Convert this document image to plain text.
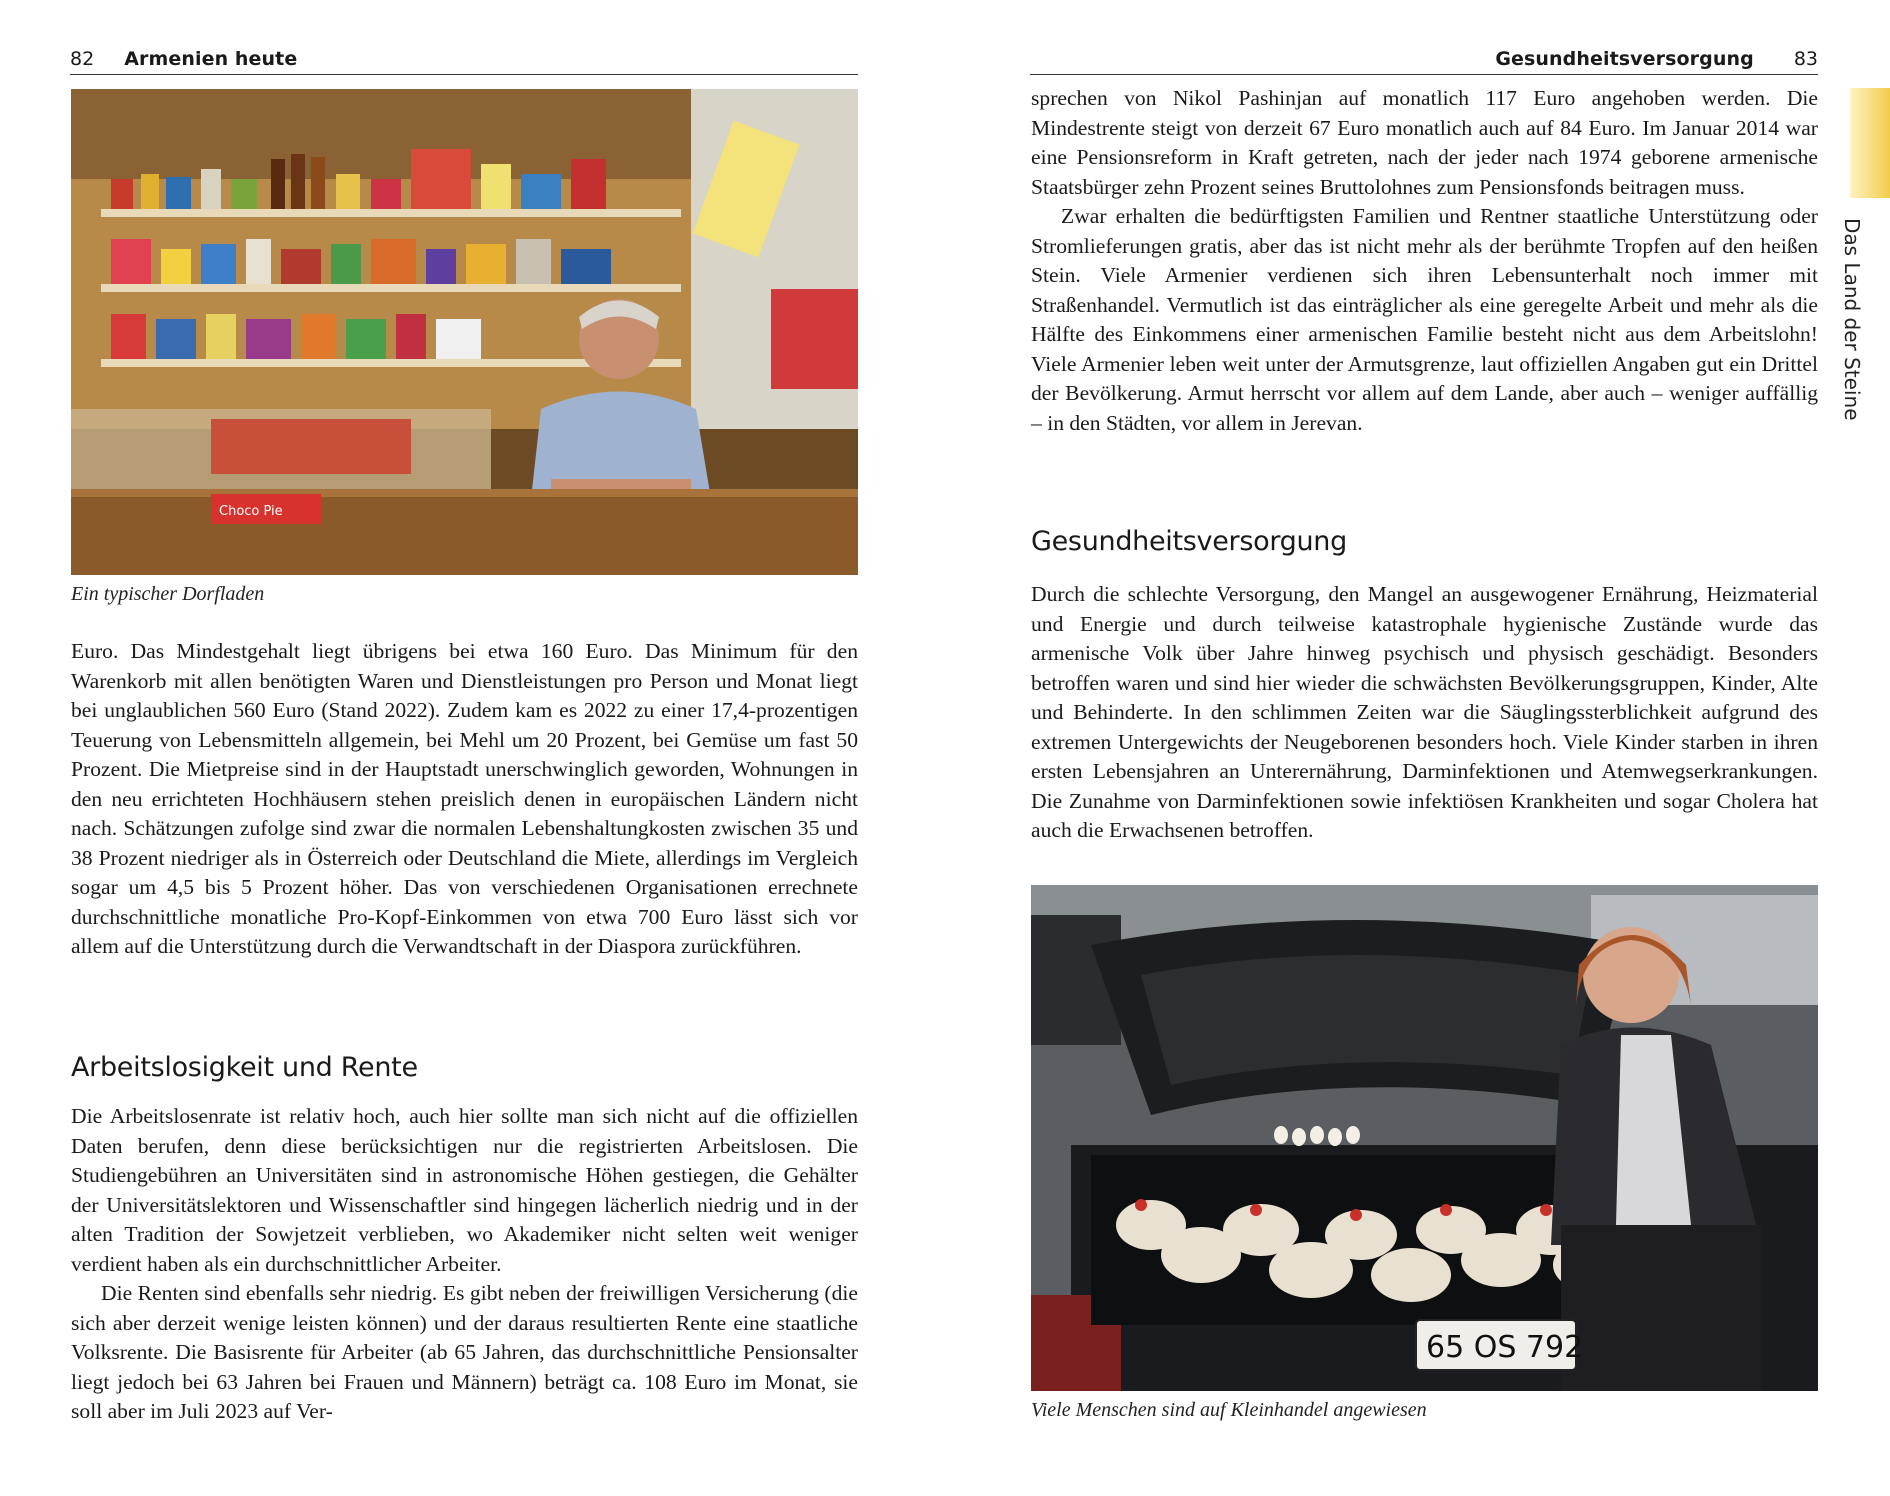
82 Armenien heute
Choco Pie
Ein typischer Dorfladen

Euro. Das Mindestgehalt liegt übrigens bei etwa 160 Euro. Das Minimum für den Warenkorb mit allen benötigten Waren und Dienstleistungen pro Person und Monat liegt bei unglaublichen 560 Euro (Stand 2022). Zudem kam es 2022 zu einer 17,4-prozentigen Teuerung von Lebensmitteln allgemein, bei Mehl um 20 Prozent, bei Gemüse um fast 50 Prozent. Die Mietpreise sind in der Hauptstadt unerschwinglich geworden, Wohnungen in den neu errichteten Hochhäusern stehen preislich denen in europäischen Ländern nicht nach. Schätzungen zufolge sind zwar die normalen Lebenshaltungkosten zwischen 35 und 38 Prozent niedriger als in Österreich oder Deutschland die Miete, allerdings im Vergleich sogar um 4,5 bis 5 Prozent höher. Das von verschiedenen Organisationen errechnete durchschnittliche monatliche Pro-Kopf-Einkommen von etwa 700 Euro lässt sich vor allem auf die Unterstützung durch die Verwandtschaft in der Diaspora zurückführen.

Arbeitslosigkeit und Rente

Die Arbeitslosenrate ist relativ hoch, auch hier sollte man sich nicht auf die offiziellen Daten berufen, denn diese berücksichtigen nur die registrierten Arbeitslosen. Die Studiengebühren an Universitäten sind in astronomische Höhen gestiegen, die Gehälter der Universitätslektoren und Wissenschaftler sind hingegen lächerlich niedrig und in der alten Tradition der Sowjetzeit verblieben, wo Akademiker nicht selten weit weniger verdient haben als ein durchschnittlicher Arbeiter.

Die Renten sind ebenfalls sehr niedrig. Es gibt neben der freiwilligen Versicherung (die sich aber derzeit wenige leisten können) und der daraus resultierten Rente eine staatliche Volksrente. Die Basisrente für Arbeiter (ab 65 Jahren, das durchschnittliche Pensionsalter liegt jedoch bei 63 Jahren bei Frauen und Männern) beträgt ca. 108 Euro im Monat, sie soll aber im Juli 2023 auf Ver-

Gesundheitsversorgung 83

sprechen von Nikol Pashinjan auf monatlich 117 Euro angehoben werden. Die Mindestrente steigt von derzeit 67 Euro monatlich auch auf 84 Euro. Im Januar 2014 war eine Pensionsreform in Kraft getreten, nach der jeder nach 1974 geborene armenische Staatsbürger zehn Prozent seines Bruttolohnes zum Pensionsfonds beitragen muss.

Zwar erhalten die bedürftigsten Familien und Rentner staatliche Unterstützung oder Stromlieferungen gratis, aber das ist nicht mehr als der berühmte Tropfen auf den heißen Stein. Viele Armenier verdienen sich ihren Lebensunterhalt noch immer mit Straßenhandel. Vermutlich ist das einträglicher als eine geregelte Arbeit und mehr als die Hälfte des Einkommens einer armenischen Familie besteht nicht aus dem Arbeitslohn! Viele Armenier leben weit unter der Armutsgrenze, laut offiziellen Angaben gut ein Drittel der Bevölkerung. Armut herrscht vor allem auf dem Lande, aber auch – weniger auffällig – in den Städten, vor allem in Jerevan.

Gesundheitsversorgung

Durch die schlechte Versorgung, den Mangel an ausgewogener Ernährung, Heizmaterial und Energie und durch teilweise katastrophale hygienische Zustände wurde das armenische Volk über Jahre hinweg psychisch und physisch geschädigt. Besonders betroffen waren und sind hier wieder die schwächsten Bevölkerungsgruppen, Kinder, Alte und Behinderte. In den schlimmen Zeiten war die Säuglingssterblichkeit aufgrund des extremen Untergewichts der Neugeborenen besonders hoch. Viele Kinder starben in ihren ersten Lebensjahren an Unterernährung, Darminfektionen und Atemwegserkrankungen. Die Zunahme von Darminfektionen sowie infektiösen Krankheiten und sogar Cholera hat auch die Erwachsenen betroffen.

65 OS 792
Viele Menschen sind auf Kleinhandel angewiesen
Das Land der Steine
